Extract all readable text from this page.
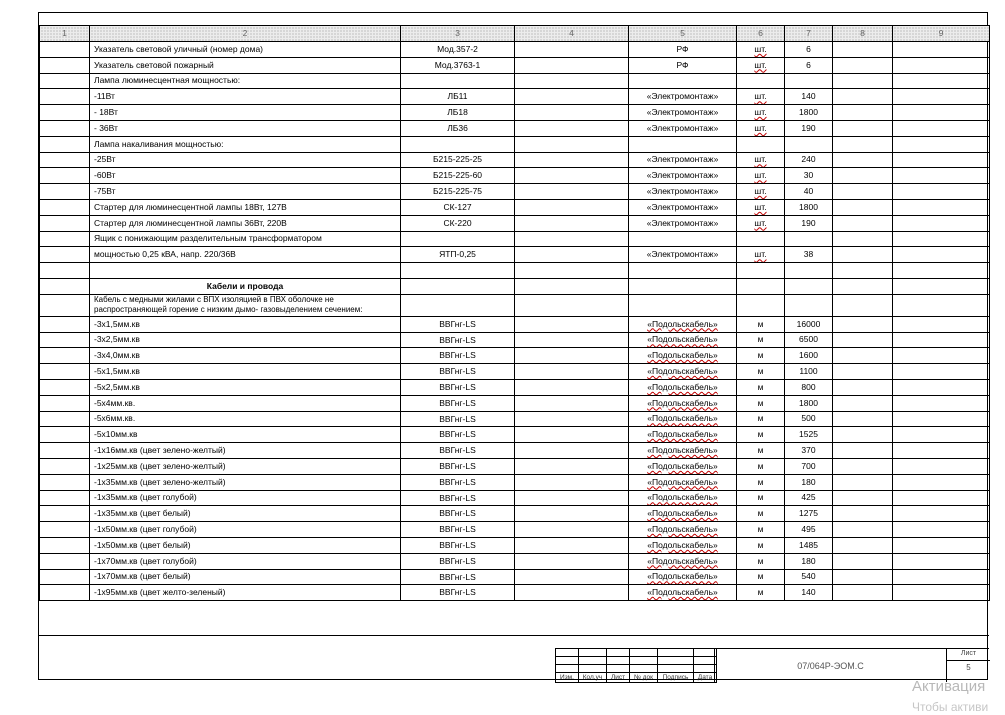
1	2	3	4	5	6	7	8	9
	Указатель световой уличный (номер дома)	Мод.357-2		РФ	шт.	6		
	Указатель световой пожарный	Мод.3763-1		РФ	шт.	6		
	Лампа люминесцентная мощностью:							
	-11Вт	ЛБ11		«Электромонтаж»	шт.	140		
	- 18Вт	ЛБ18		«Электромонтаж»	шт.	1800		
	- 36Вт	ЛБ36		«Электромонтаж»	шт.	190		
	Лампа накаливания мощностью:							
	-25Вт	Б215-225-25		«Электромонтаж»	шт.	240		
	-60Вт	Б215-225-60		«Электромонтаж»	шт.	30		
	-75Вт	Б215-225-75		«Электромонтаж»	шт.	40		
	Стартер для люминесцентной лампы 18Вт, 127В	СК-127		«Электромонтаж»	шт.	1800		
	Стартер для люминесцентной лампы 36Вт, 220В	СК-220		«Электромонтаж»	шт.	190		
	Ящик с понижающим разделительным трансформатором							
	мощностью 0,25 кВА, напр. 220/36В	ЯТП-0,25		«Электромонтаж»	шт.	38		

	Кабели и провода							
	Кабель с медными жилами с ВПХ изоляцией в ПВХ оболочке не распространяющей горение с низким дымо- газовыделением сечением:							
	-3х1,5мм.кв	ВВГнг-LS		«Подольскабель»	м	16000		
	-3х2,5мм.кв	ВВГнг-LS		«Подольскабель»	м	6500		
	-3х4,0мм.кв	ВВГнг-LS		«Подольскабель»	м	1600		
	-5х1,5мм.кв	ВВГнг-LS		«Подольскабель»	м	1100		
	-5х2,5мм.кв	ВВГнг-LS		«Подольскабель»	м	800		
	-5х4мм.кв.	ВВГнг-LS		«Подольскабель»	м	1800		
	-5х6мм.кв.	ВВГнг-LS		«Подольскабель»	м	500		
	-5х10мм.кв	ВВГнг-LS		«Подольскабель»	м	1525		
	-1х16мм.кв (цвет зелено-желтый)	ВВГнг-LS		«Подольскабель»	м	370		
	-1х25мм.кв (цвет зелено-желтый)	ВВГнг-LS		«Подольскабель»	м	700		
	-1х35мм.кв (цвет зелено-желтый)	ВВГнг-LS		«Подольскабель»	м	180		
	-1х35мм.кв (цвет голубой)	ВВГнг-LS		«Подольскабель»	м	425		
	-1х35мм.кв (цвет белый)	ВВГнг-LS		«Подольскабель»	м	1275		
	-1х50мм.кв (цвет голубой)	ВВГнг-LS		«Подольскабель»	м	495		
	-1х50мм.кв (цвет белый)	ВВГнг-LS		«Подольскабель»	м	1485		
	-1х70мм.кв (цвет голубой)	ВВГнг-LS		«Подольскабель»	м	180		
	-1х70мм.кв (цвет белый)	ВВГнг-LS		«Подольскабель»	м	540		
	-1х95мм.кв (цвет желто-зеленый)	ВВГнг-LS		«Подольскабель»	м	140		

Изм.	Кол.уч	Лист	№ док	Подпись	Дата
07/064Р-ЭОМ.С
Лист
5
Активация
Чтобы активи
